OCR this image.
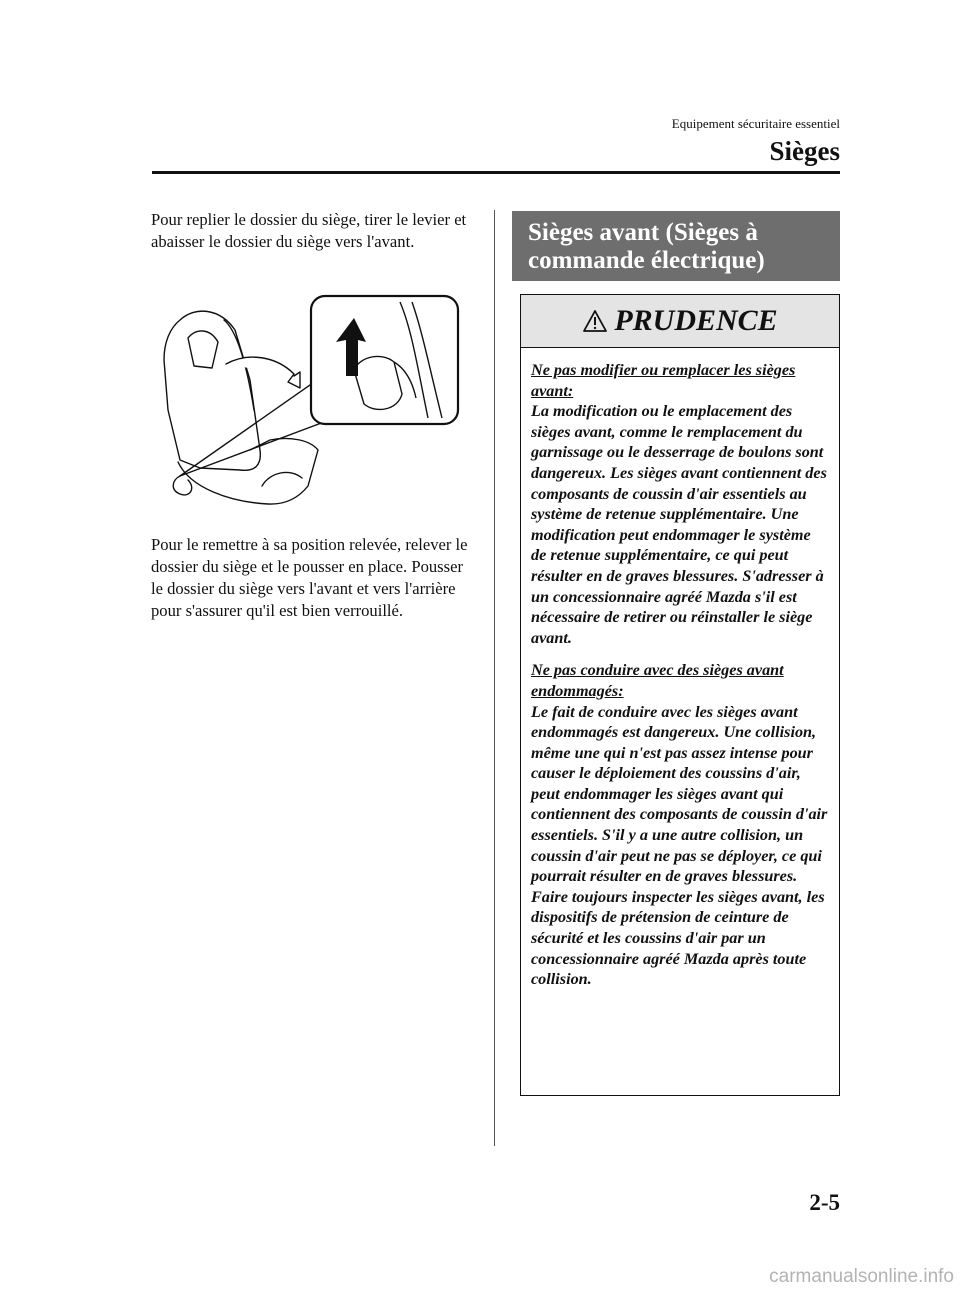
Equipement sécuritaire essentiel
Sièges

Pour replier le dossier du siège, tirer le levier et abaisser le dossier du siège vers l'avant.

Pour le remettre à sa position relevée, relever le dossier du siège et le pousser en place. Pousser le dossier du siège vers l'avant et vers l'arrière pour s'assurer qu'il est bien verrouillé.

Sièges avant (Sièges à
commande électrique)
PRUDENCE

Ne pas modifier ou remplacer les sièges avant:
La modification ou le emplacement des sièges avant, comme le remplacement du garnissage ou le desserrage de boulons sont dangereux. Les sièges avant contiennent des composants de coussin d'air essentiels au système de retenue supplémentaire. Une modification peut endommager le système de retenue supplémentaire, ce qui peut résulter en de graves blessures. S'adresser à un concessionnaire agréé Mazda s'il est nécessaire de retirer ou réinstaller le siège avant.

Ne pas conduire avec des sièges avant endommagés:
Le fait de conduire avec les sièges avant endommagés est dangereux. Une collision, même une qui n'est pas assez intense pour causer le déploiement des coussins d'air, peut endommager les sièges avant qui contiennent des composants de coussin d'air essentiels. S'il y a une autre collision, un coussin d'air peut ne pas se déployer, ce qui pourrait résulter en de graves blessures. Faire toujours inspecter les sièges avant, les dispositifs de prétension de ceinture de sécurité et les coussins d'air par un concessionnaire agréé Mazda après toute collision.

2-5
carmanualsonline.info
